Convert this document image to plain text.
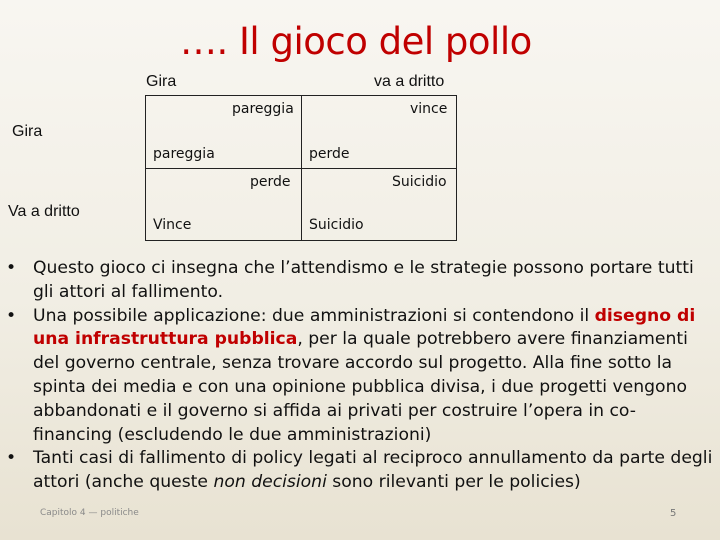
…. Il gioco del pollo
Gira	va a dritto
Gira
Va a dritto
pareggia
pareggia
vince
perde
perde
Vince
Suicidio
Suicidio
• Questo gioco ci insegna che l’attendismo e le strategie possono portare tutti gli attori al fallimento.
• Una possibile applicazione: due amministrazioni si contendono il disegno di una infrastruttura pubblica, per la quale potrebbero avere finanziamenti del governo centrale, senza trovare accordo sul progetto. Alla fine sotto la spinta dei media e con una opinione pubblica divisa, i due progetti vengono abbandonati e il governo si affida ai privati per costruire l’opera in co-financing (escludendo le due amministrazioni)
• Tanti casi di fallimento di policy legati al reciproco annullamento da parte degli attori (anche queste non decisioni sono rilevanti per le policies)
Capitolo 4 — politiche	5
